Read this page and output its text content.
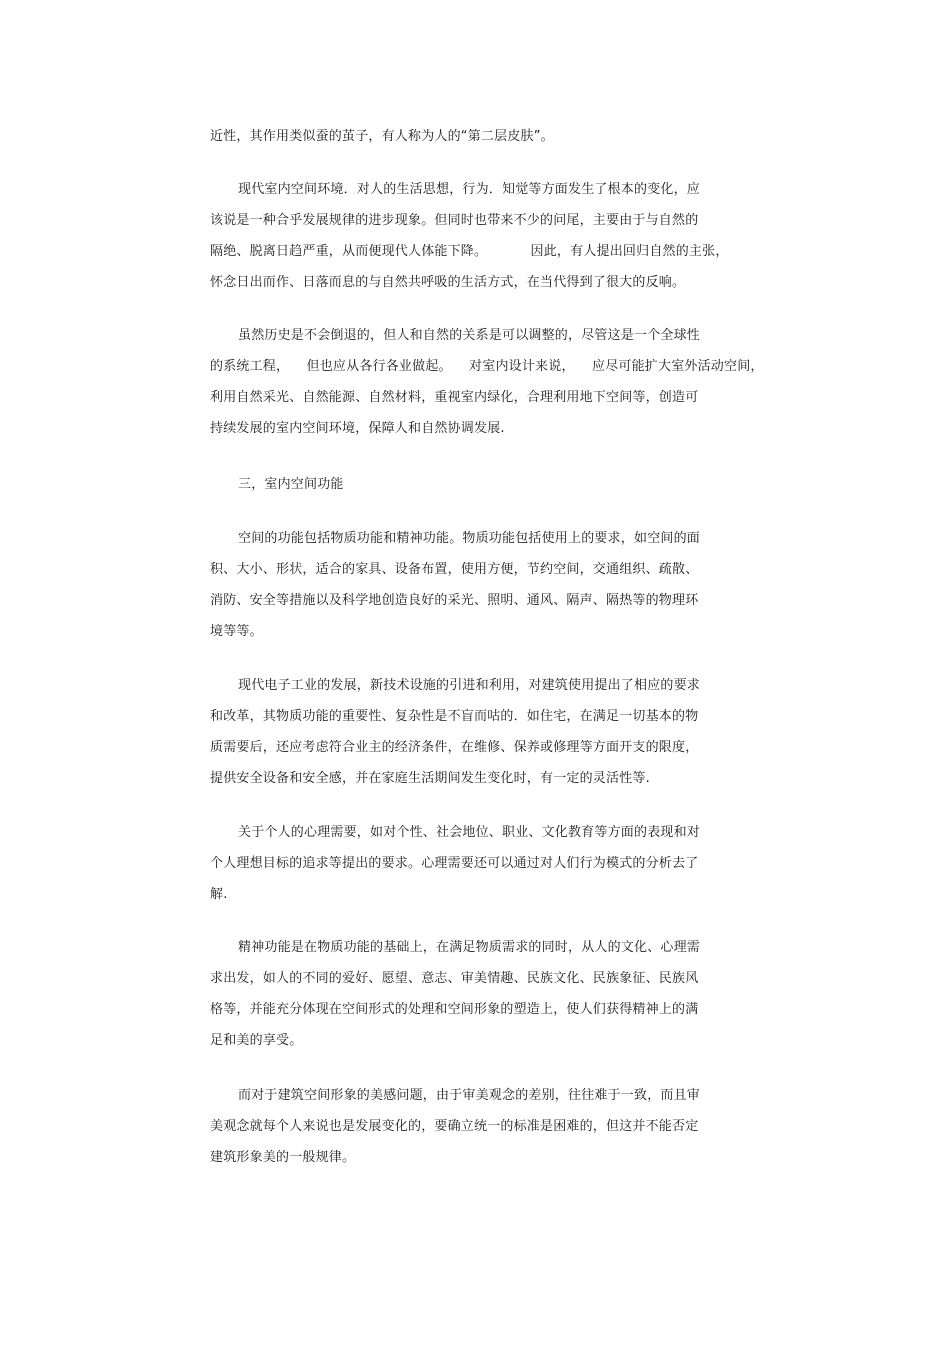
近性，其作用类似蚕的茧子，有人称为人的“第二层皮肤”。
现代室内空间环境．对人的生活思想，行为．知觉等方面发生了根本的变化，应
该说是一种合乎发展规律的进步现象。但同时也带来不少的问尾，主要由于与自然的
隔绝、脱离日趋严重，从而便现代人体能下降。          因此，有人提出回归自然的主张，
怀念日出而作、日落而息的与自然共呼吸的生活方式，在当代得到了很大的反响。
虽然历史是不会倒退的，但人和自然的关系是可以调整的，尽管这是一个全球性
的系统工程，    但也应从各行各业做起。    对室内设计来说，    应尽可能扩大室外活动空间，
利用自然采光、自然能源、自然材料，重视室内绿化，合理利用地下空间等，创造可
持续发展的室内空间环境，保障人和自然协调发展.
三，室内空间功能
空间的功能包括物质功能和精神功能。物质功能包括使用上的要求，如空间的面
积、大小、形状，适合的家具、设备布置，使用方便，节约空间，交通组织、疏散、
消防、安全等措施以及科学地创造良好的采光、照明、通风、隔声、隔热等的物理环
境等等。
现代电子工业的发展，新技术设施的引进和利用，对建筑使用提出了相应的要求
和改革，其物质功能的重要性、复杂性是不盲而咕的．如住宅，在满足一切基本的物
质需要后，还应考虑符合业主的经济条件，在维修、保养或修理等方面开支的限度，
提供安全设备和安全感，并在家庭生活期间发生变化时，有一定的灵活性等.
关于个人的心理需要，如对个性、社会地位、职业、文化教育等方面的表现和对
个人理想目标的追求等提出的要求。心理需要还可以通过对人们行为模式的分析去了
解.
精神功能是在物质功能的基础上，在满足物质需求的同时，从人的文化、心理需
求出发，如人的不同的爱好、愿望、意志、审美情趣、民族文化、民族象征、民族风
格等，并能充分体现在空间形式的处理和空间形象的塑造上，使人们获得精神上的满
足和美的享受。
而对于建筑空间形象的美感问题，由于审美观念的差别，往往难于一致，而且审
美观念就每个人来说也是发展变化的，要确立统一的标准是困难的，但这并不能否定
建筑形象美的一般规律。
